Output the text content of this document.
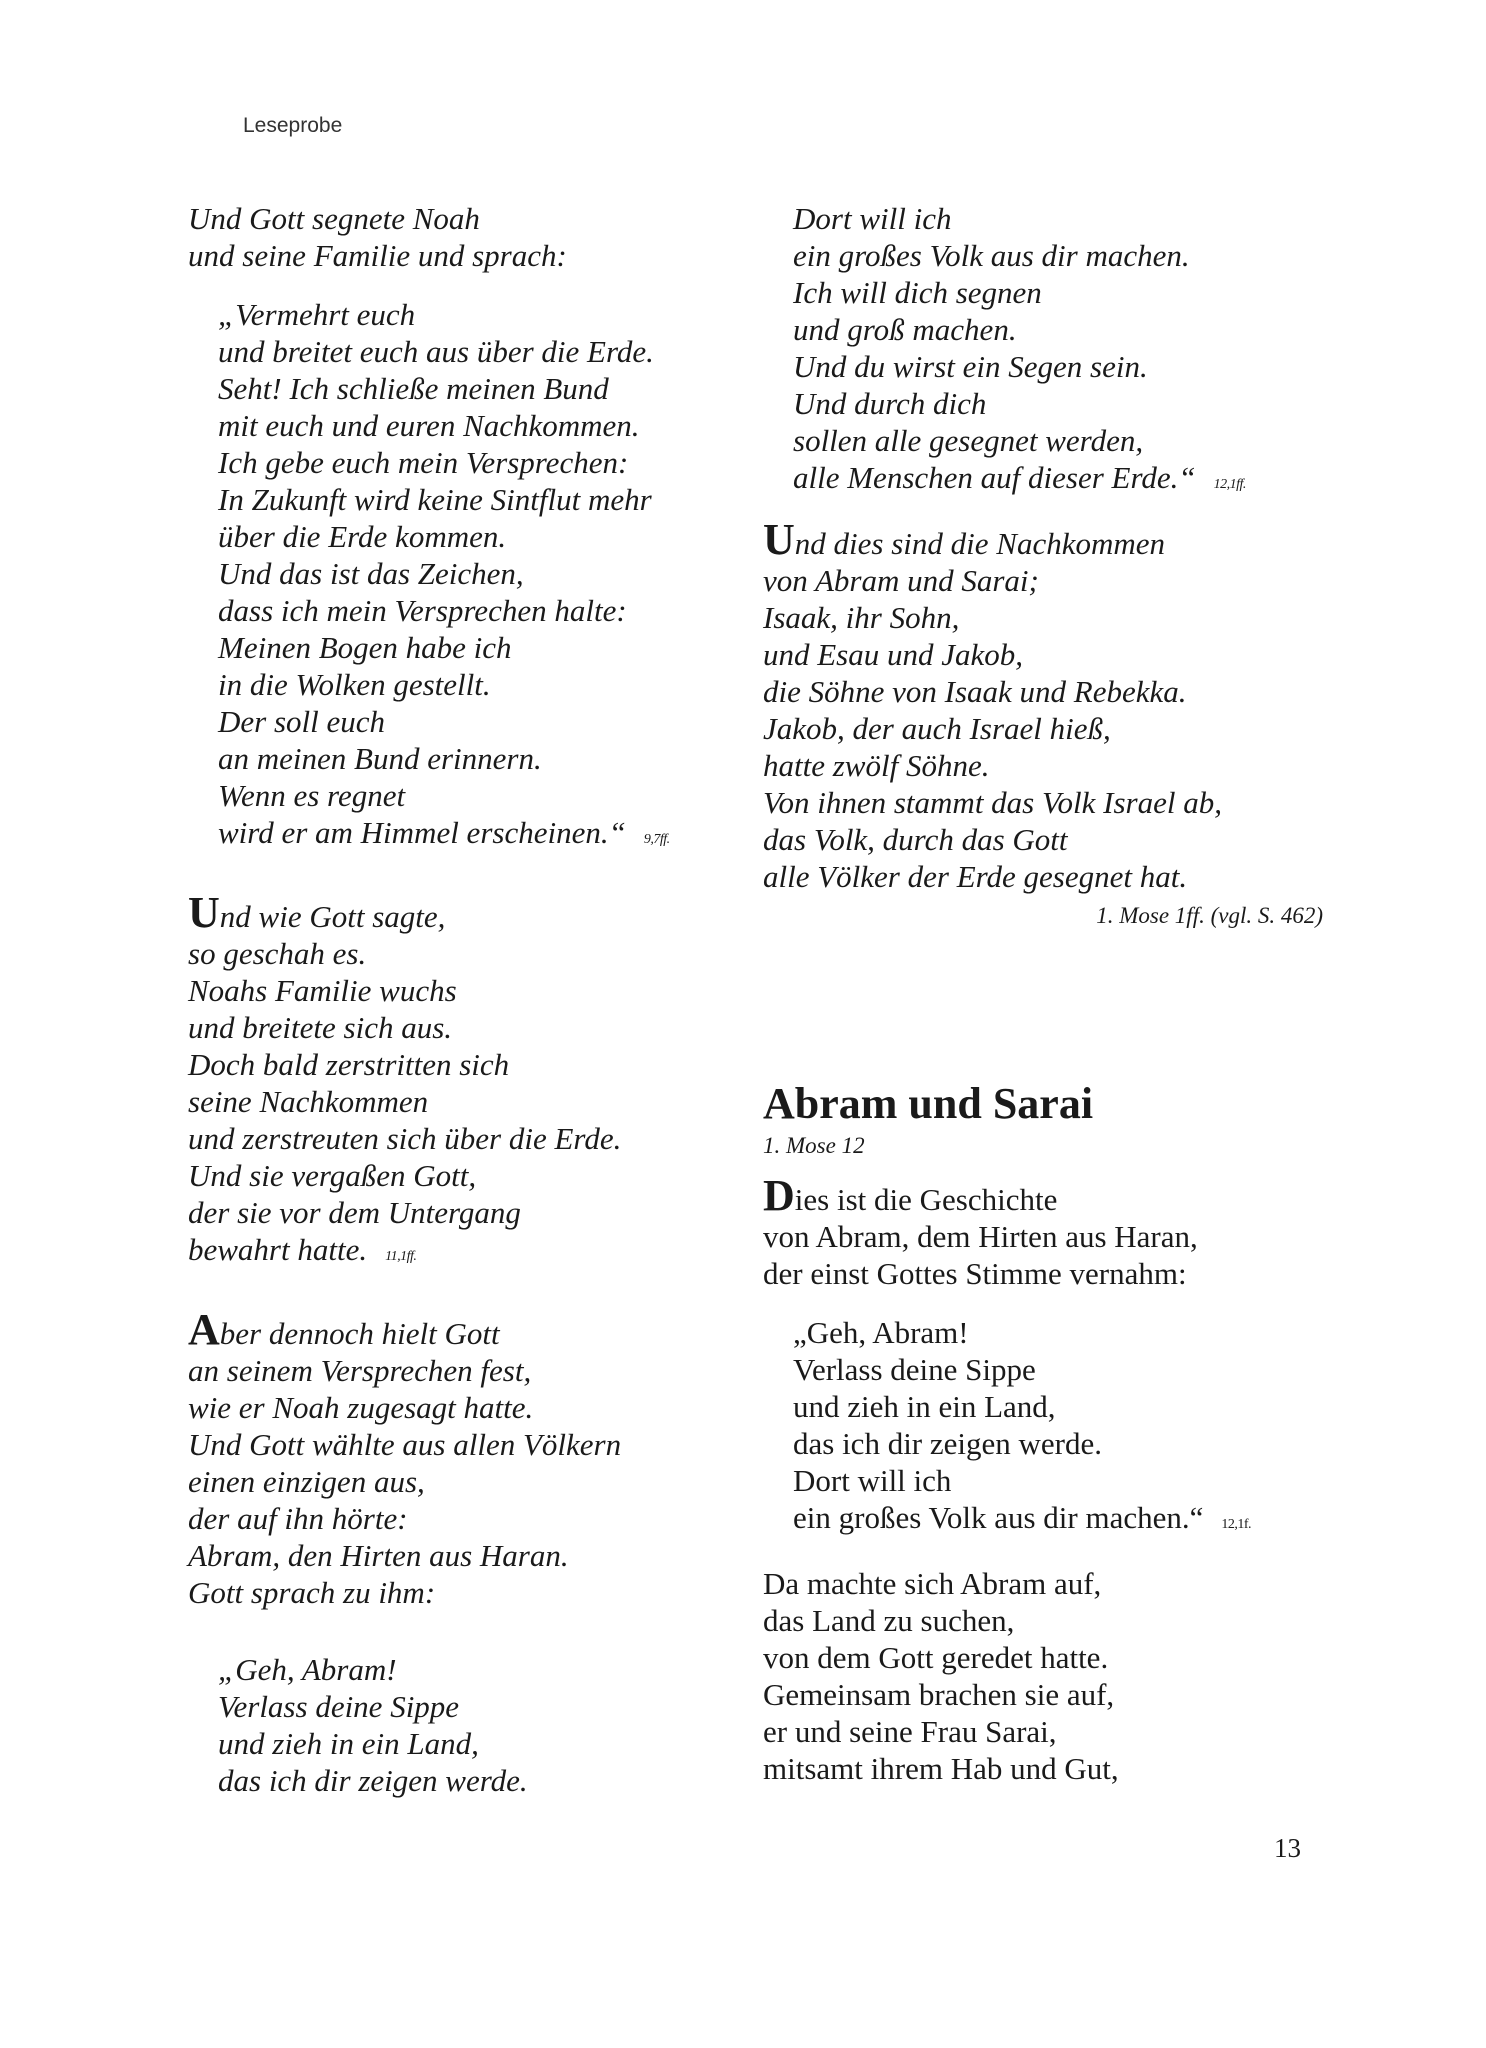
Leseprobe
Und Gott segnete Noah
und seine Familie und sprach:
„Vermehrt euch
und breitet euch aus über die Erde.
Seht! Ich schließe meinen Bund
mit euch und euren Nachkommen.
Ich gebe euch mein Versprechen:
In Zukunft wird keine Sintflut mehr
über die Erde kommen.
Und das ist das Zeichen,
dass ich mein Versprechen halte:
Meinen Bogen habe ich
in die Wolken gestellt.
Der soll euch
an meinen Bund erinnern.
Wenn es regnet
wird er am Himmel erscheinen.“ 9,7ff.
Und wie Gott sagte,
so geschah es.
Noahs Familie wuchs
und breitete sich aus.
Doch bald zerstritten sich
seine Nachkommen
und zerstreuten sich über die Erde.
Und sie vergaßen Gott,
der sie vor dem Untergang
bewahrt hatte. 11,1ff.
Aber dennoch hielt Gott
an seinem Versprechen fest,
wie er Noah zugesagt hatte.
Und Gott wählte aus allen Völkern
einen einzigen aus,
der auf ihn hörte:
Abram, den Hirten aus Haran.
Gott sprach zu ihm:
„Geh, Abram!
Verlass deine Sippe
und zieh in ein Land,
das ich dir zeigen werde.
Dort will ich
ein großes Volk aus dir machen.
Ich will dich segnen
und groß machen.
Und du wirst ein Segen sein.
Und durch dich
sollen alle gesegnet werden,
alle Menschen auf dieser Erde.“ 12,1ff.
Und dies sind die Nachkommen
von Abram und Sarai;
Isaak, ihr Sohn,
und Esau und Jakob,
die Söhne von Isaak und Rebekka.
Jakob, der auch Israel hieß,
hatte zwölf Söhne.
Von ihnen stammt das Volk Israel ab,
das Volk, durch das Gott
alle Völker der Erde gesegnet hat.
1. Mose 1ff. (vgl. S. 462)
Abram und Sarai
1. Mose 12
Dies ist die Geschichte
von Abram, dem Hirten aus Haran,
der einst Gottes Stimme vernahm:
„Geh, Abram!
Verlass deine Sippe
und zieh in ein Land,
das ich dir zeigen werde.
Dort will ich
ein großes Volk aus dir machen.“ 12,1f.
Da machte sich Abram auf,
das Land zu suchen,
von dem Gott geredet hatte.
Gemeinsam brachen sie auf,
er und seine Frau Sarai,
mitsamt ihrem Hab und Gut,
13
